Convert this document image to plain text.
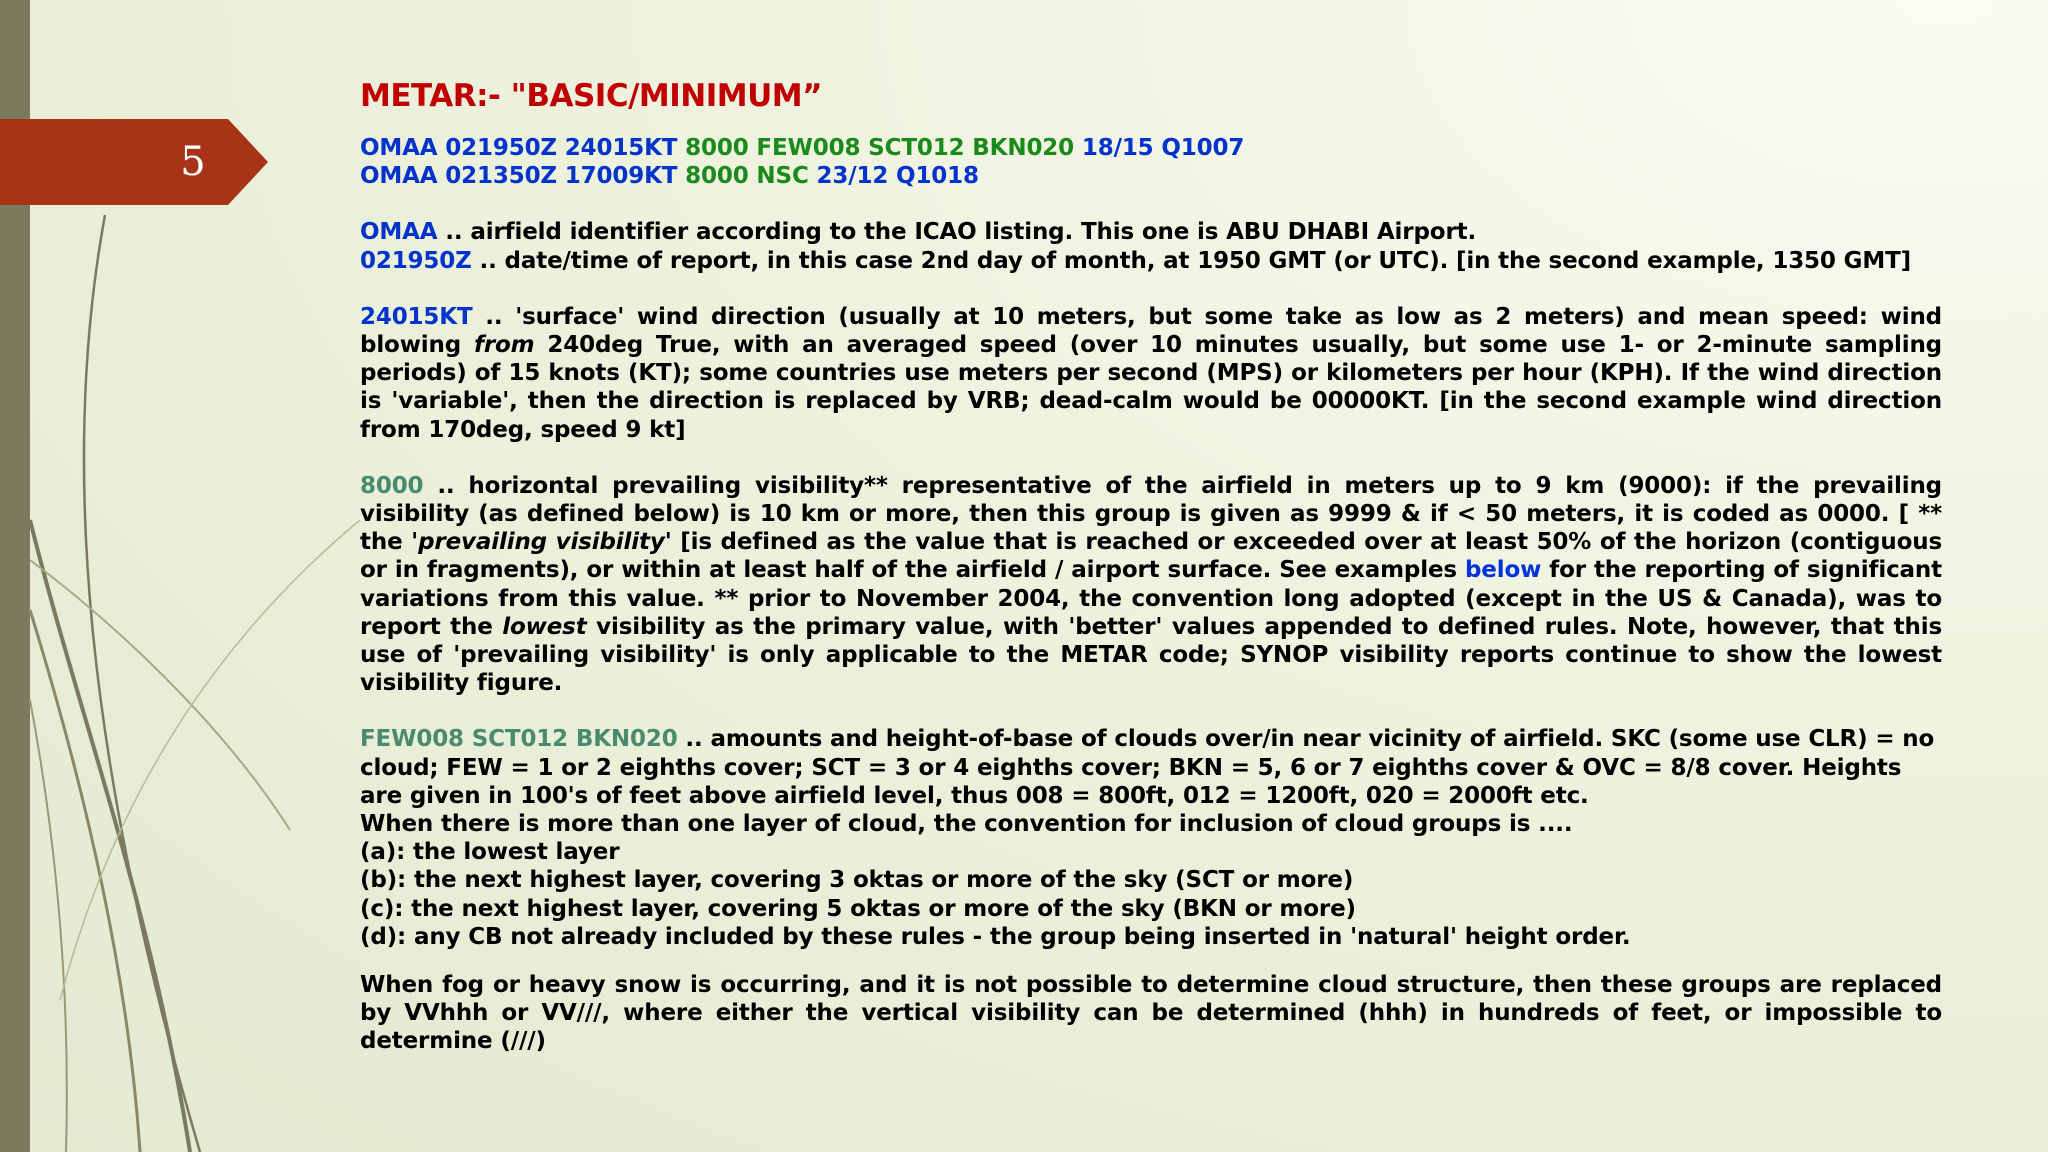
5
METAR:- "BASIC/MINIMUM”
OMAA 021950Z 24015KT 8000 FEW008 SCT012 BKN020 18/15 Q1007
OMAA 021350Z 17009KT 8000 NSC 23/12 Q1018
OMAA .. airfield identifier according to the ICAO listing. This one is ABU DHABI Airport.
021950Z .. date/time of report, in this case 2nd day of month, at 1950 GMT (or UTC). [in the second example, 1350 GMT]
24015KT .. 'surface' wind direction (usually at 10 meters, but some take as low as 2 meters) and mean speed: wind blowing from 240deg True, with an averaged speed (over 10 minutes usually, but some use 1- or 2-minute sampling periods) of 15 knots (KT); some countries use meters per second (MPS) or kilometers per hour (KPH). If the wind direction is 'variable', then the direction is replaced by VRB; dead-calm would be 00000KT. [in the second example wind direction from 170deg, speed 9 kt]
8000 .. horizontal prevailing visibility** representative of the airfield in meters up to 9 km (9000): if the prevailing visibility (as defined below) is 10 km or more, then this group is given as 9999 & if < 50 meters, it is coded as 0000. [ ** the 'prevailing visibility' [is defined as the value that is reached or exceeded over at least 50% of the horizon (contiguous or in fragments), or within at least half of the airfield / airport surface. See examples below for the reporting of significant variations from this value. ** prior to November 2004, the convention long adopted (except in the US & Canada), was to report the lowest visibility as the primary value, with 'better' values appended to defined rules. Note, however, that this use of 'prevailing visibility' is only applicable to the METAR code; SYNOP visibility reports continue to show the lowest visibility figure.
FEW008 SCT012 BKN020 .. amounts and height-of-base of clouds over/in near vicinity of airfield. SKC (some use CLR) = no cloud; FEW = 1 or 2 eighths cover; SCT = 3 or 4 eighths cover; BKN = 5, 6 or 7 eighths cover & OVC = 8/8 cover. Heights are given in 100's of feet above airfield level, thus 008 = 800ft, 012 = 1200ft, 020 = 2000ft etc.
When there is more than one layer of cloud, the convention for inclusion of cloud groups is ....
(a): the lowest layer
(b): the next highest layer, covering 3 oktas or more of the sky (SCT or more)
(c): the next highest layer, covering 5 oktas or more of the sky (BKN or more)
(d): any CB not already included by these rules - the group being inserted in 'natural' height order.
When fog or heavy snow is occurring, and it is not possible to determine cloud structure, then these groups are replaced by VVhhh or VV///, where either the vertical visibility can be determined (hhh) in hundreds of feet, or impossible to determine (///)
